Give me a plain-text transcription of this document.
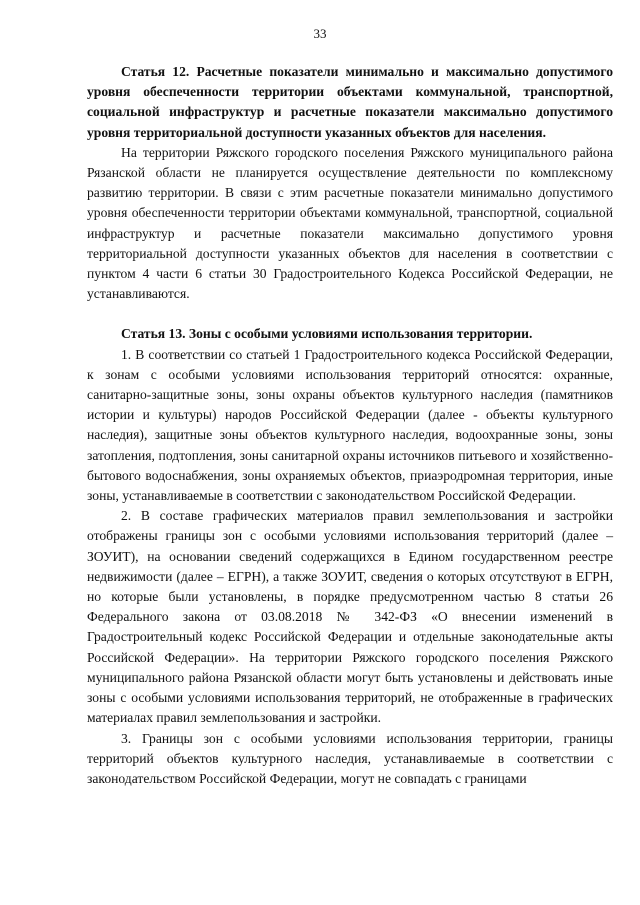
33

Статья 12. Расчетные показатели минимально и максимально допустимого уровня обеспеченности территории объектами коммунальной, транспортной, социальной инфраструктур и расчетные показатели максимально допустимого уровня территориальной доступности указанных объектов для населения.

На территории Ряжского городского поселения Ряжского муниципального района Рязанской области не планируется осуществление деятельности по комплексному развитию территории. В связи с этим расчетные показатели минимально допустимого уровня обеспеченности территории объектами коммунальной, транспортной, социальной инфраструктур и расчетные показатели максимально допустимого уровня территориальной доступности указанных объектов для населения в соответствии с пунктом 4 части 6 статьи 30 Градостроительного Кодекса Российской Федерации, не устанавливаются.

Статья 13. Зоны с особыми условиями использования территории.

1. В соответствии со статьей 1 Градостроительного кодекса Российской Федерации, к зонам с особыми условиями использования территорий относятся: охранные, санитарно-защитные зоны, зоны охраны объектов культурного наследия (памятников истории и культуры) народов Российской Федерации (далее - объекты культурного наследия), защитные зоны объектов культурного наследия, водоохранные зоны, зоны затопления, подтопления, зоны санитарной охраны источников питьевого и хозяйственно-бытового водоснабжения, зоны охраняемых объектов, приаэродромная территория, иные зоны, устанавливаемые в соответствии с законодательством Российской Федерации.

2. В составе графических материалов правил землепользования и застройки отображены границы зон с особыми условиями использования территорий (далее – ЗОУИТ), на основании сведений содержащихся в Едином государственном реестре недвижимости (далее – ЕГРН), а также ЗОУИТ, сведения о которых отсутствуют в ЕГРН, но которые были установлены, в порядке предусмотренном частью 8 статьи 26 Федерального закона от 03.08.2018 № 342-ФЗ «О внесении изменений в Градостроительный кодекс Российской Федерации и отдельные законодательные акты Российской Федерации». На территории Ряжского городского поселения Ряжского муниципального района Рязанской области могут быть установлены и действовать иные зоны с особыми условиями использования территорий, не отображенные в графических материалах правил землепользования и застройки.

3. Границы зон с особыми условиями использования территории, границы территорий объектов культурного наследия, устанавливаемые в соответствии с законодательством Российской Федерации, могут не совпадать с границами
